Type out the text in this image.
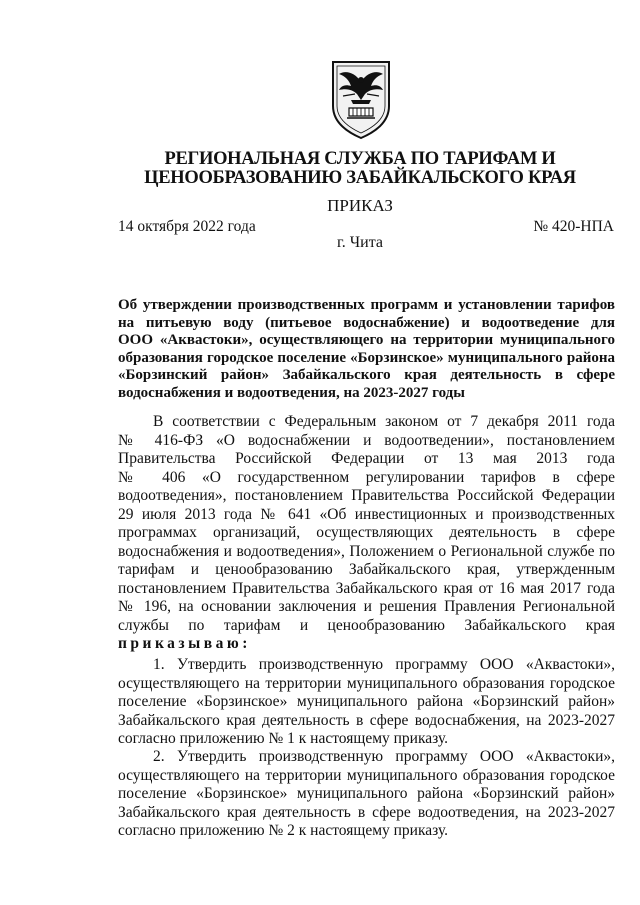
РЕГИОНАЛЬНАЯ СЛУЖБА ПО ТАРИФАМ И
ЦЕНООБРАЗОВАНИЮ ЗАБАЙКАЛЬСКОГО КРАЯ
ПРИКАЗ
14 октября 2022 года	№ 420-НПА
г. Чита
Об утверждении производственных программ и установлении тарифов
на питьевую воду (питьевое водоснабжение) и водоотведение для
ООО «Аквастоки», осуществляющего на территории муниципального
образования городское поселение «Борзинское» муниципального района
«Борзинский район» Забайкальского края деятельность в сфере
водоснабжения и водоотведения, на 2023-2027 годы
В соответствии с Федеральным законом от 7 декабря 2011 года
№ 416-ФЗ «О водоснабжении и водоотведении», постановлением
Правительства Российской Федерации от 13 мая 2013 года
№ 406 «О государственном регулировании тарифов в сфере
водоотведения», постановлением Правительства Российской Федерации
29 июля 2013 года № 641 «Об инвестиционных и производственных
программах организаций, осуществляющих деятельность в сфере
водоснабжения и водоотведения», Положением о Региональной службе по
тарифам и ценообразованию Забайкальского края, утвержденным
постановлением Правительства Забайкальского края от 16 мая 2017 года
№ 196, на основании заключения и решения Правления Региональной
службы по тарифам и ценообразованию Забайкальского края
приказываю:
1. Утвердить производственную программу ООО «Аквастоки»,
осуществляющего на территории муниципального образования городское
поселение «Борзинское» муниципального района «Борзинский район»
Забайкальского края деятельность в сфере водоснабжения, на 2023-2027
согласно приложению № 1 к настоящему приказу.
2. Утвердить производственную программу ООО «Аквастоки»,
осуществляющего на территории муниципального образования городское
поселение «Борзинское» муниципального района «Борзинский район»
Забайкальского края деятельность в сфере водоотведения, на 2023-2027
согласно приложению № 2 к настоящему приказу.
